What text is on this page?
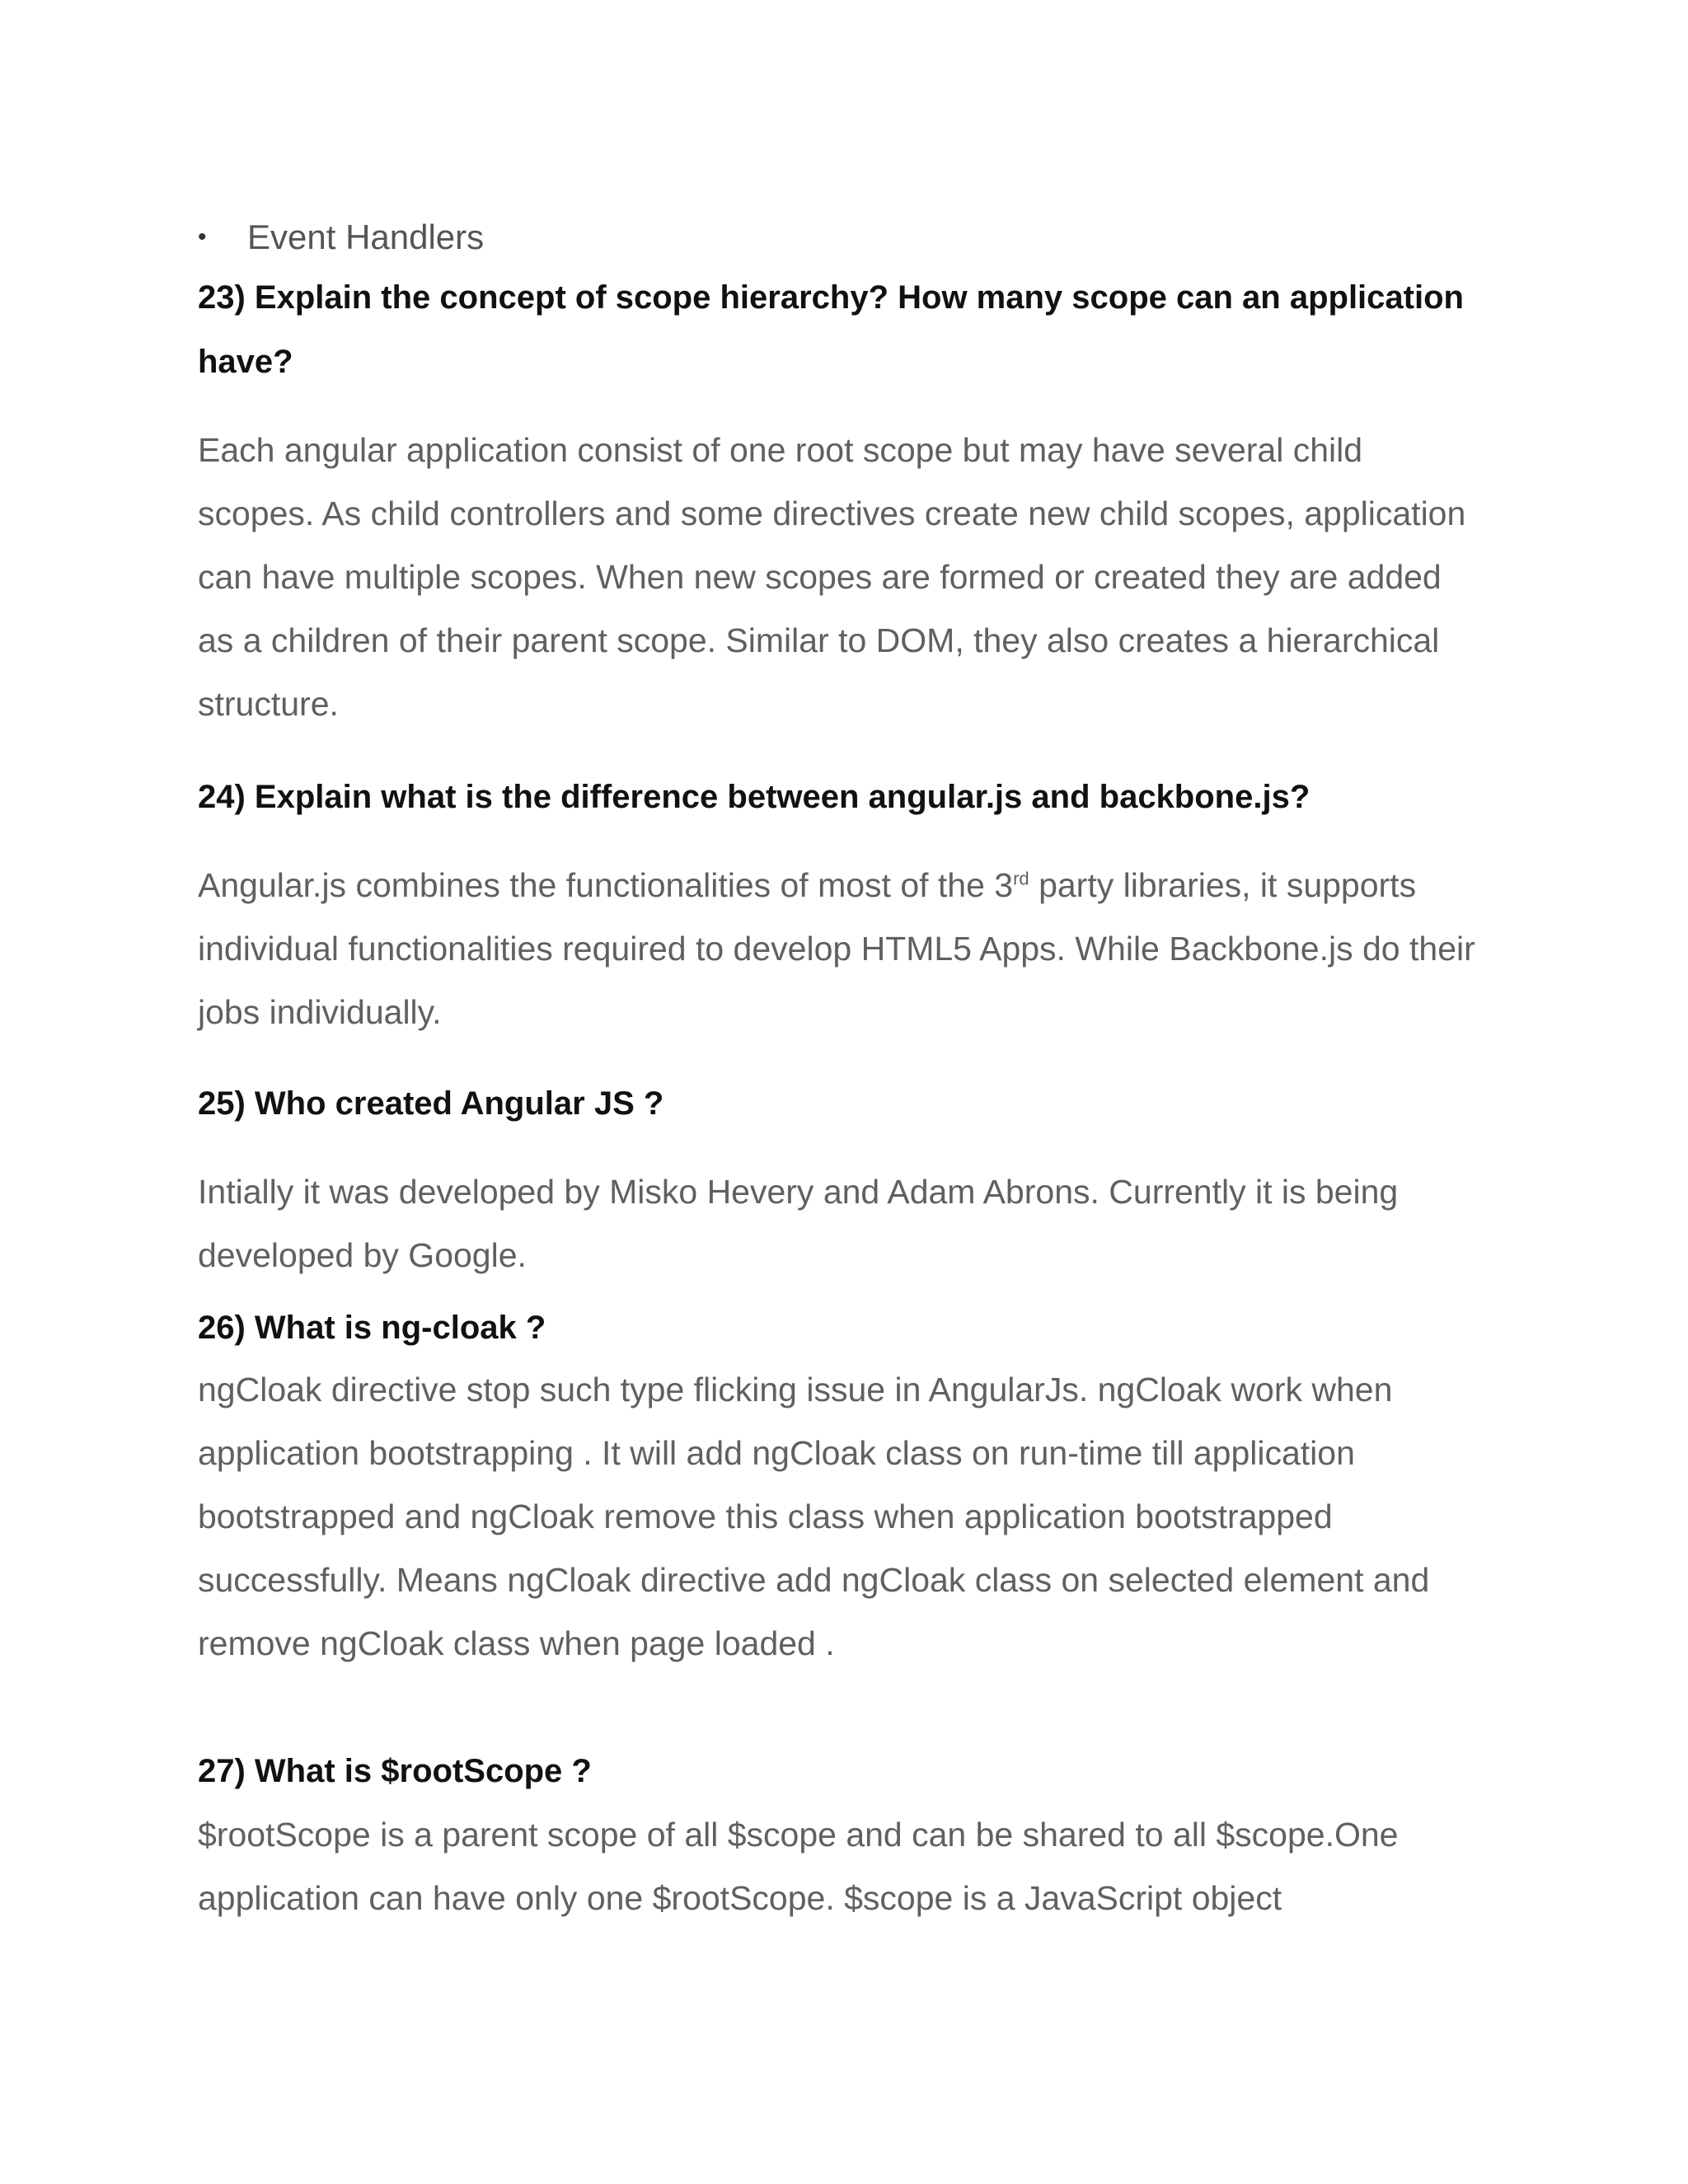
• Event Handlers

23) Explain the concept of scope hierarchy? How many scope can an application have?

Each angular application consist of one root scope but may have several child scopes. As child controllers and some directives create new child scopes, application can have multiple scopes. When new scopes are formed or created they are added as a children of their parent scope. Similar to DOM, they also creates a hierarchical structure.

24) Explain what is the difference between angular.js and backbone.js?

Angular.js combines the functionalities of most of the 3rd party libraries, it supports individual functionalities required to develop HTML5 Apps. While Backbone.js do their jobs individually.

25) Who created Angular JS ?

Intially it was developed by Misko Hevery and Adam Abrons. Currently it is being developed by Google.

26) What is ng-cloak ?

ngCloak directive stop such type flicking issue in AngularJs. ngCloak work when application bootstrapping . It will add ngCloak class on run-time till application bootstrapped and ngCloak remove this class when application bootstrapped successfully. Means ngCloak directive add ngCloak class on selected element and remove ngCloak class when page loaded .

27) What is $rootScope ?

$rootScope is a parent scope of all $scope and can be shared to all $scope.One application can have only one $rootScope. $scope is a JavaScript object
